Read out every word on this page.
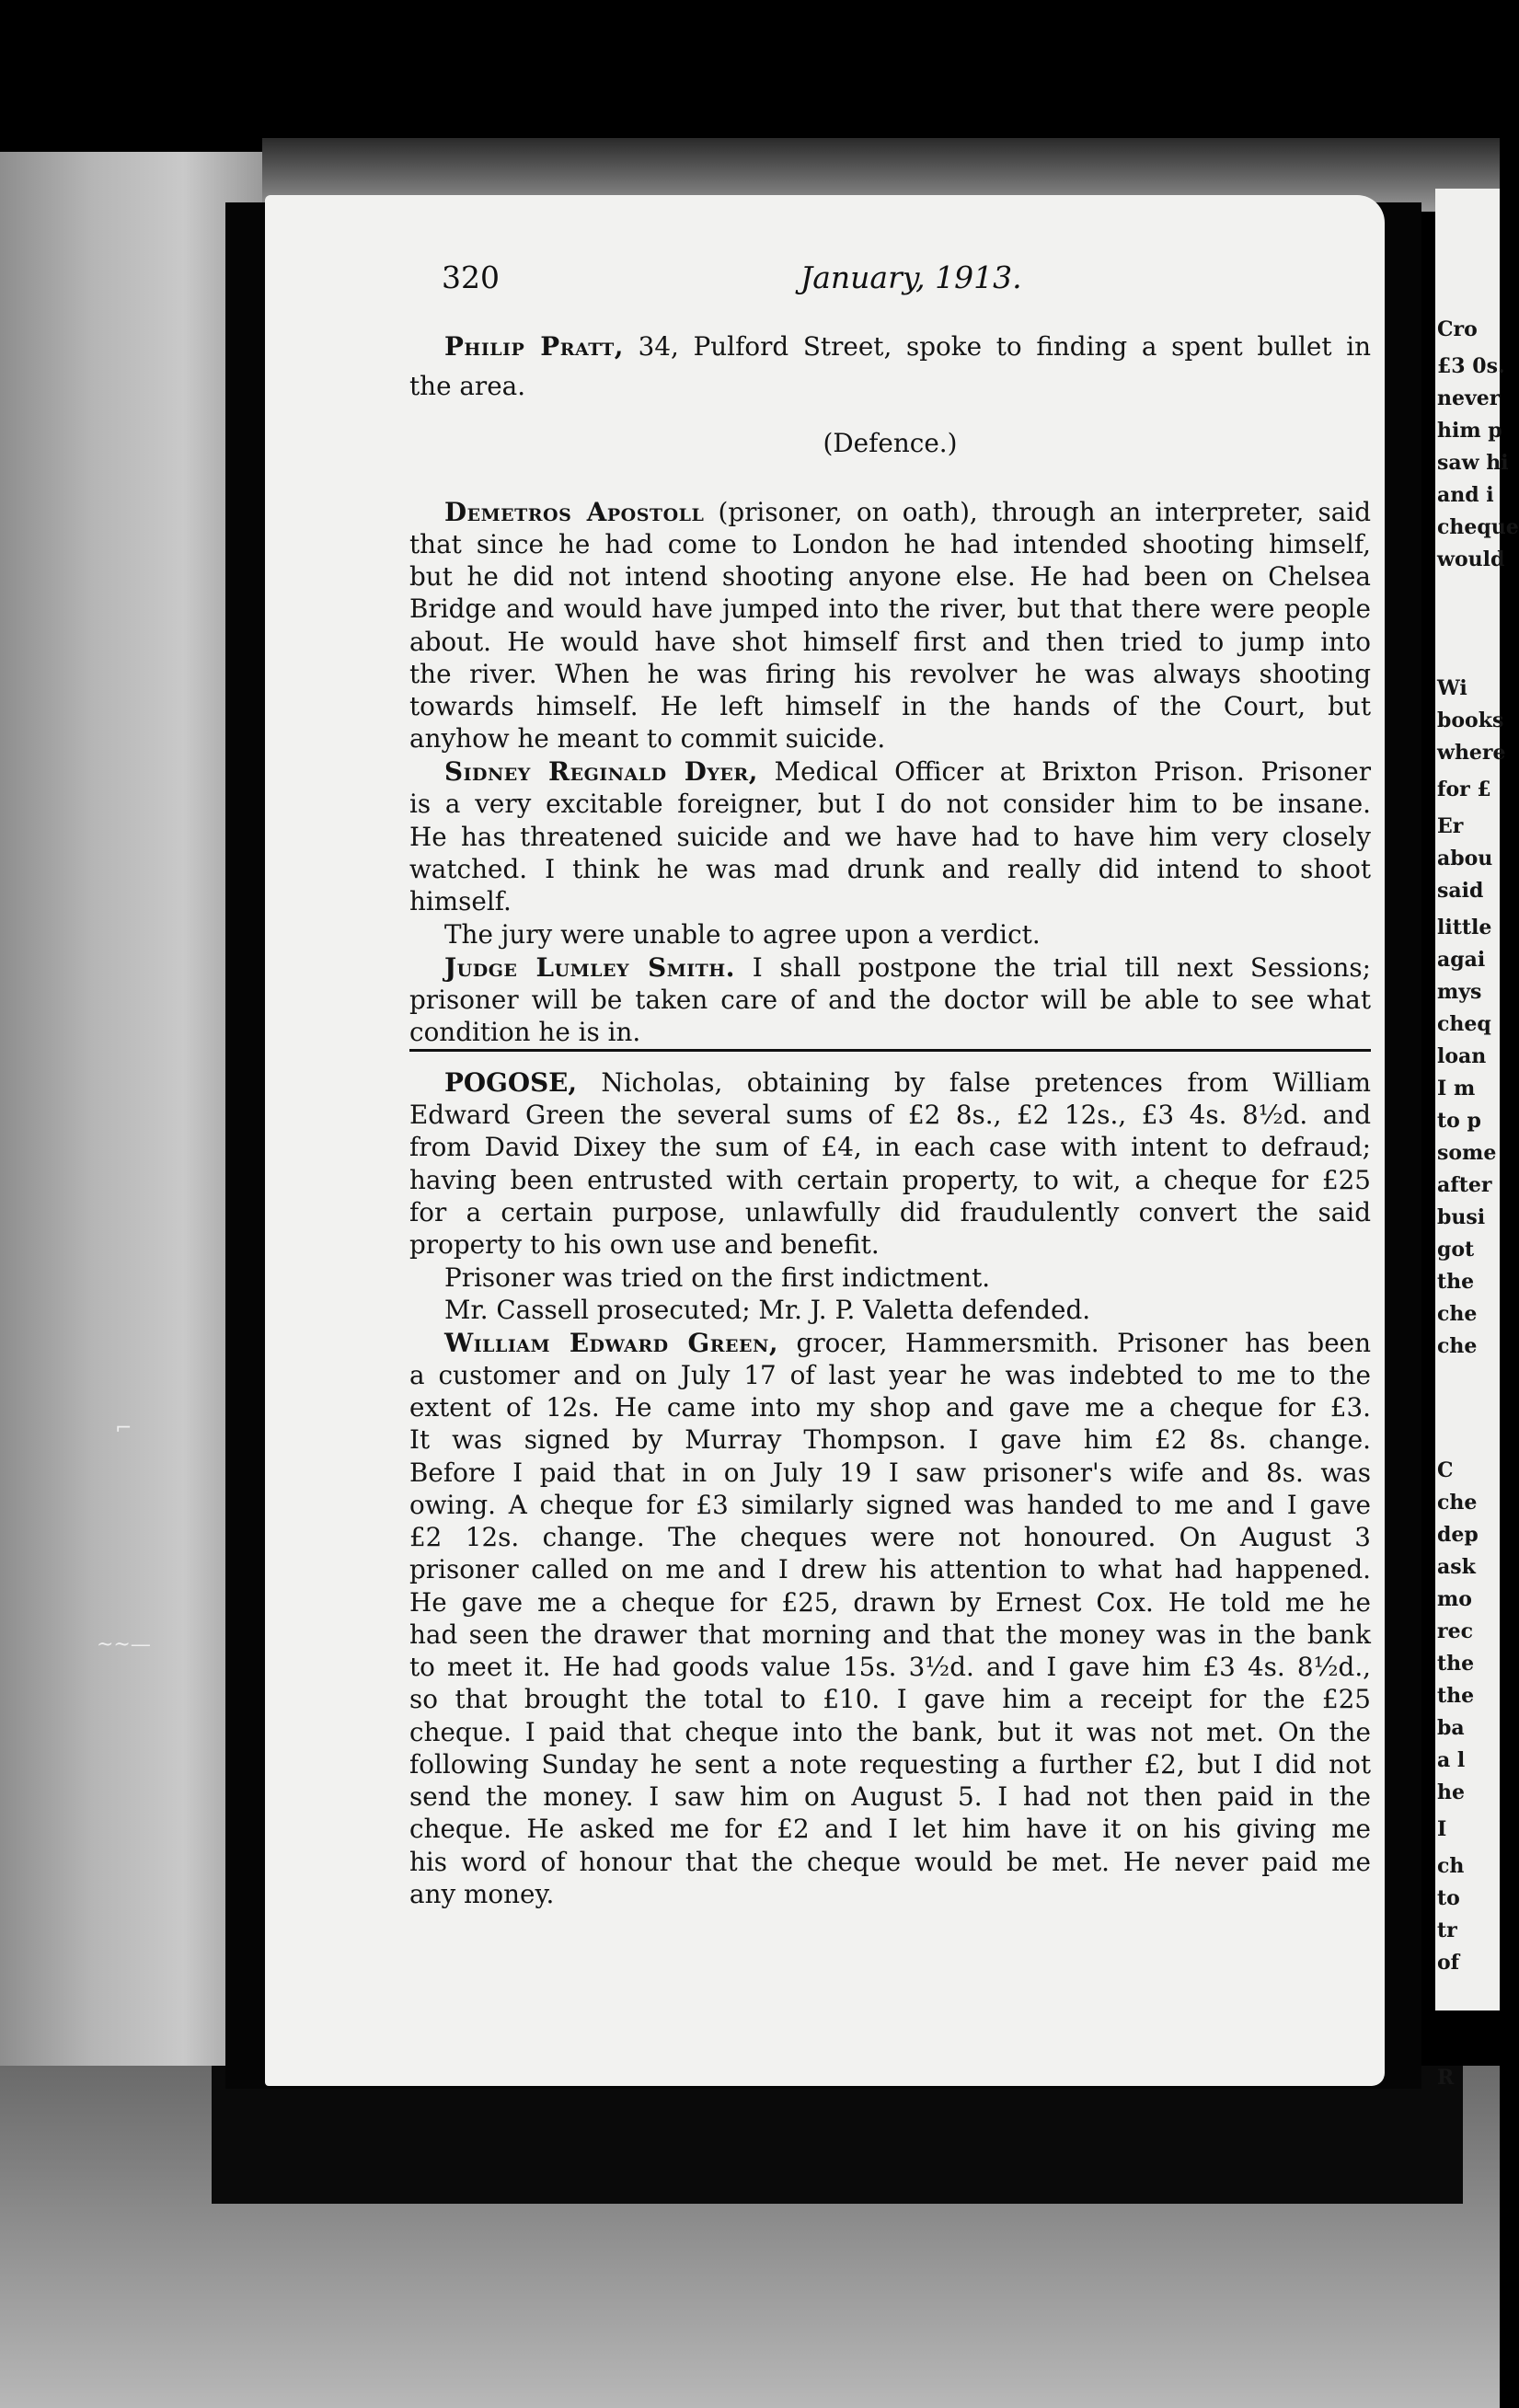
⌐
~~—
Cro
£3 0s.
never
him p
saw hi
and i
cheque
would
Wi
books
where
for £
Er
abou
said
little
agai
mys
cheq
loan
I m
to p
some
after
busi
got
the
che
che
C
che
dep
ask
mo
rec
the
the
ba
a l
he
I
ch
to
tr
of
R
320	January, 1913.
Philip Pratt, 34, Pulford Street, spoke to finding a spent bullet in
the area.
(Defence.)
Demetros Apostoll (prisoner, on oath), through an interpreter, said
that since he had come to London he had intended shooting himself,
but he did not intend shooting anyone else. He had been on Chelsea
Bridge and would have jumped into the river, but that there were people
about. He would have shot himself first and then tried to jump into
the river. When he was firing his revolver he was always shooting
towards himself. He left himself in the hands of the Court, but
anyhow he meant to commit suicide.
Sidney Reginald Dyer, Medical Officer at Brixton Prison. Prisoner
is a very excitable foreigner, but I do not consider him to be insane.
He has threatened suicide and we have had to have him very closely
watched. I think he was mad drunk and really did intend to shoot
himself.
The jury were unable to agree upon a verdict.
Judge Lumley Smith. I shall postpone the trial till next Sessions;
prisoner will be taken care of and the doctor will be able to see what
condition he is in.
POGOSE, Nicholas, obtaining by false pretences from William
Edward Green the several sums of £2 8s., £2 12s., £3 4s. 8½d. and
from David Dixey the sum of £4, in each case with intent to defraud;
having been entrusted with certain property, to wit, a cheque for £25
for a certain purpose, unlawfully did fraudulently convert the said
property to his own use and benefit.
Prisoner was tried on the first indictment.
Mr. Cassell prosecuted; Mr. J. P. Valetta defended.
William Edward Green, grocer, Hammersmith. Prisoner has been
a customer and on July 17 of last year he was indebted to me to the
extent of 12s. He came into my shop and gave me a cheque for £3.
It was signed by Murray Thompson. I gave him £2 8s. change.
Before I paid that in on July 19 I saw prisoner's wife and 8s. was
owing. A cheque for £3 similarly signed was handed to me and I gave
£2 12s. change. The cheques were not honoured. On August 3
prisoner called on me and I drew his attention to what had happened.
He gave me a cheque for £25, drawn by Ernest Cox. He told me he
had seen the drawer that morning and that the money was in the bank
to meet it. He had goods value 15s. 3½d. and I gave him £3 4s. 8½d.,
so that brought the total to £10. I gave him a receipt for the £25
cheque. I paid that cheque into the bank, but it was not met. On the
following Sunday he sent a note requesting a further £2, but I did not
send the money. I saw him on August 5. I had not then paid in the
cheque. He asked me for £2 and I let him have it on his giving me
his word of honour that the cheque would be met. He never paid me
any money.
